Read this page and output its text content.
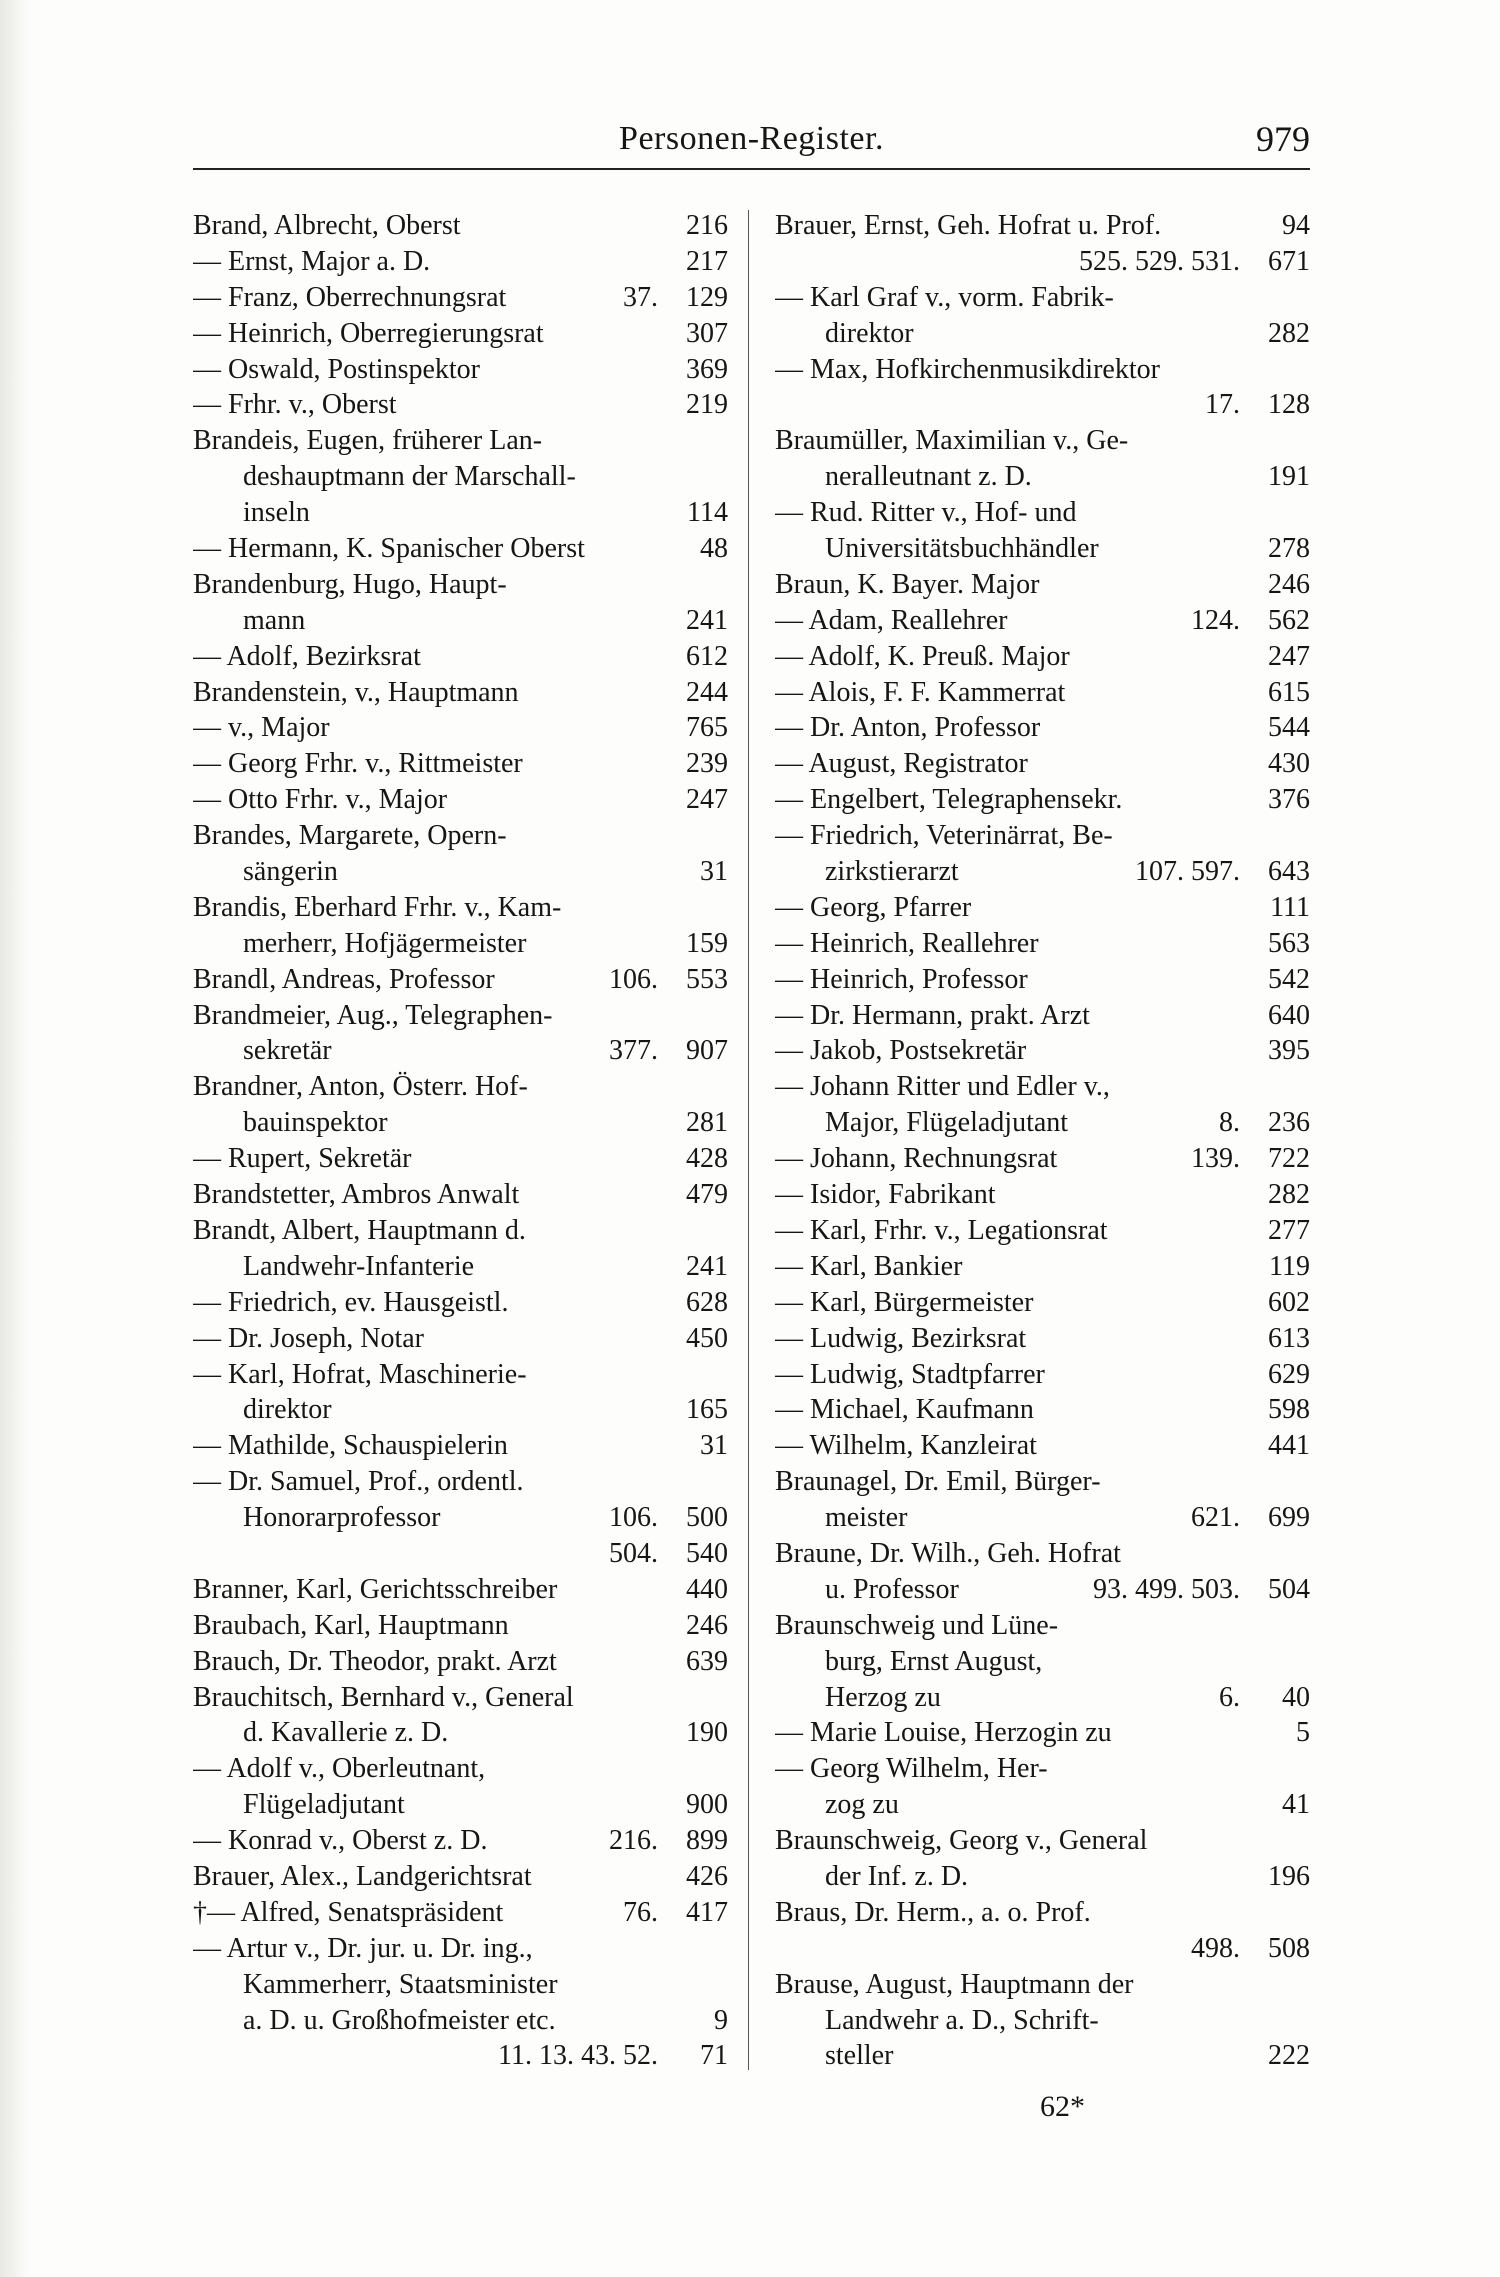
Personen-Register.	979
Brand, Albrecht, Oberst	216
— Ernst, Major a. D.	217
— Franz, Oberrechnungsrat	37.	129
— Heinrich, Oberregierungsrat	307
— Oswald, Postinspektor	369
— Frhr. v., Oberst	219
Brandeis, Eugen, früherer Lan-
deshauptmann der Marschall-
inseln	114
— Hermann, K. Spanischer Oberst	48
Brandenburg, Hugo, Haupt-
mann	241
— Adolf, Bezirksrat	612
Brandenstein, v., Hauptmann	244
— v., Major	765
— Georg Frhr. v., Rittmeister	239
— Otto Frhr. v., Major	247
Brandes, Margarete, Opern-
sängerin	31
Brandis, Eberhard Frhr. v., Kam-
merherr, Hofjägermeister	159
Brandl, Andreas, Professor	106.	553
Brandmeier, Aug., Telegraphen-
sekretär	377.	907
Brandner, Anton, Österr. Hof-
bauinspektor	281
— Rupert, Sekretär	428
Brandstetter, Ambros Anwalt	479
Brandt, Albert, Hauptmann d.
Landwehr-Infanterie	241
— Friedrich, ev. Hausgeistl.	628
— Dr. Joseph, Notar	450
— Karl, Hofrat, Maschinerie-
direktor	165
— Mathilde, Schauspielerin	31
— Dr. Samuel, Prof., ordentl.
Honorarprofessor	106.	500
504.	540
Branner, Karl, Gerichtsschreiber	440
Braubach, Karl, Hauptmann	246
Brauch, Dr. Theodor, prakt. Arzt	639
Brauchitsch, Bernhard v., General
d. Kavallerie z. D.	190
— Adolf v., Oberleutnant,
Flügeladjutant	900
— Konrad v., Oberst z. D.	216.	899
Brauer, Alex., Landgerichtsrat	426
†— Alfred, Senatspräsident	76.	417
— Artur v., Dr. jur. u. Dr. ing.,
Kammerherr, Staatsminister
a. D. u. Großhofmeister etc.	9
11. 13. 43. 52.	71
Brauer, Ernst, Geh. Hofrat u. Prof.	94
525. 529. 531.	671
— Karl Graf v., vorm. Fabrik-
direktor	282
— Max, Hofkirchenmusikdirektor
17.	128
Braumüller, Maximilian v., Ge-
neralleutnant z. D.	191
— Rud. Ritter v., Hof- und
Universitätsbuchhändler	278
Braun, K. Bayer. Major	246
— Adam, Reallehrer	124.	562
— Adolf, K. Preuß. Major	247
— Alois, F. F. Kammerrat	615
— Dr. Anton, Professor	544
— August, Registrator	430
— Engelbert, Telegraphensekr.	376
— Friedrich, Veterinärrat, Be-
zirkstierarzt	107. 597.	643
— Georg, Pfarrer	111
— Heinrich, Reallehrer	563
— Heinrich, Professor	542
— Dr. Hermann, prakt. Arzt	640
— Jakob, Postsekretär	395
— Johann Ritter und Edler v.,
Major, Flügeladjutant	8.	236
— Johann, Rechnungsrat	139.	722
— Isidor, Fabrikant	282
— Karl, Frhr. v., Legationsrat	277
— Karl, Bankier	119
— Karl, Bürgermeister	602
— Ludwig, Bezirksrat	613
— Ludwig, Stadtpfarrer	629
— Michael, Kaufmann	598
— Wilhelm, Kanzleirat	441
Braunagel, Dr. Emil, Bürger-
meister	621.	699
Braune, Dr. Wilh., Geh. Hofrat
u. Professor	93. 499. 503.	504
Braunschweig und Lüne-
burg, Ernst August,
Herzog zu	6.	40
— Marie Louise, Herzogin zu	5
— Georg Wilhelm, Her-
zog zu	41
Braunschweig, Georg v., General
der Inf. z. D.	196
Braus, Dr. Herm., a. o. Prof.
498.	508
Brause, August, Hauptmann der
Landwehr a. D., Schrift-
steller	222
62*
